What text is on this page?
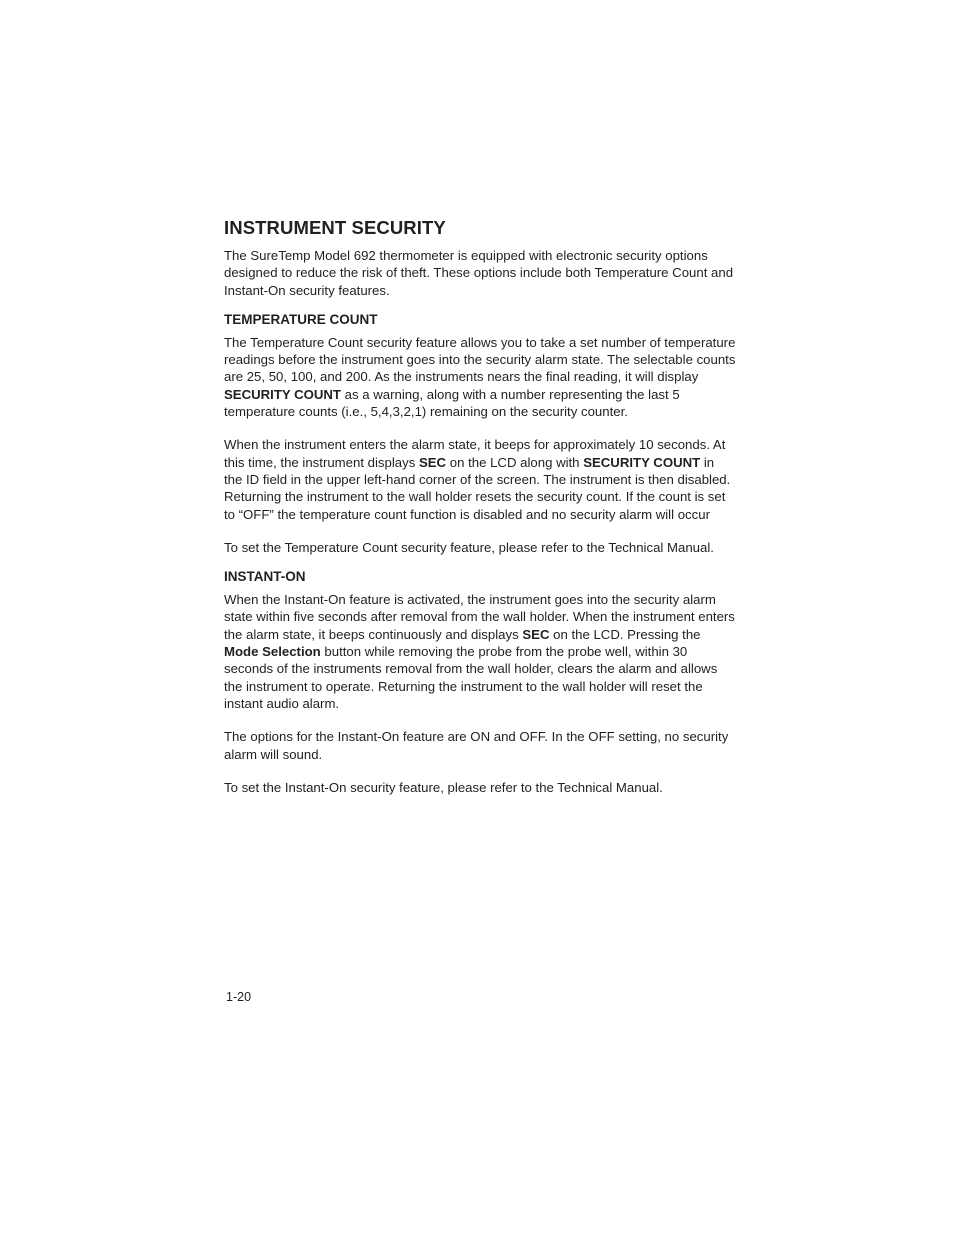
INSTRUMENT SECURITY

The SureTemp Model 692 thermometer is equipped with electronic security options designed to reduce the risk of theft. These options include both Temperature Count and Instant-On security features.

TEMPERATURE COUNT

The Temperature Count security feature allows you to take a set number of temperature readings before the instrument goes into the security alarm state. The selectable counts are 25, 50, 100, and 200. As the instruments nears the final reading, it will display SECURITY COUNT as a warning, along with a number representing the last 5 temperature counts (i.e., 5,4,3,2,1) remaining on the security counter.

When the instrument enters the alarm state, it beeps for approximately 10 seconds. At this time, the instrument displays SEC on the LCD along with SECURITY COUNT in the ID field in the upper left-hand corner of the screen. The instrument is then disabled. Returning the instrument to the wall holder resets the security count. If the count is set to “OFF” the temperature count function is disabled and no security alarm will occur

To set the Temperature Count security feature, please refer to the Technical Manual.

INSTANT-ON

When the Instant-On feature is activated, the instrument goes into the security alarm state within five seconds after removal from the wall holder. When the instrument enters the alarm state, it beeps continuously and displays SEC on the LCD. Pressing the Mode Selection button while removing the probe from the probe well, within 30 seconds of the instruments removal from the wall holder, clears the alarm and allows the instrument to operate. Returning the instrument to the wall holder will reset the instant audio alarm.

The options for the Instant-On feature are ON and OFF. In the OFF setting, no security alarm will sound.

To set the Instant-On security feature, please refer to the Technical Manual.

1-20
